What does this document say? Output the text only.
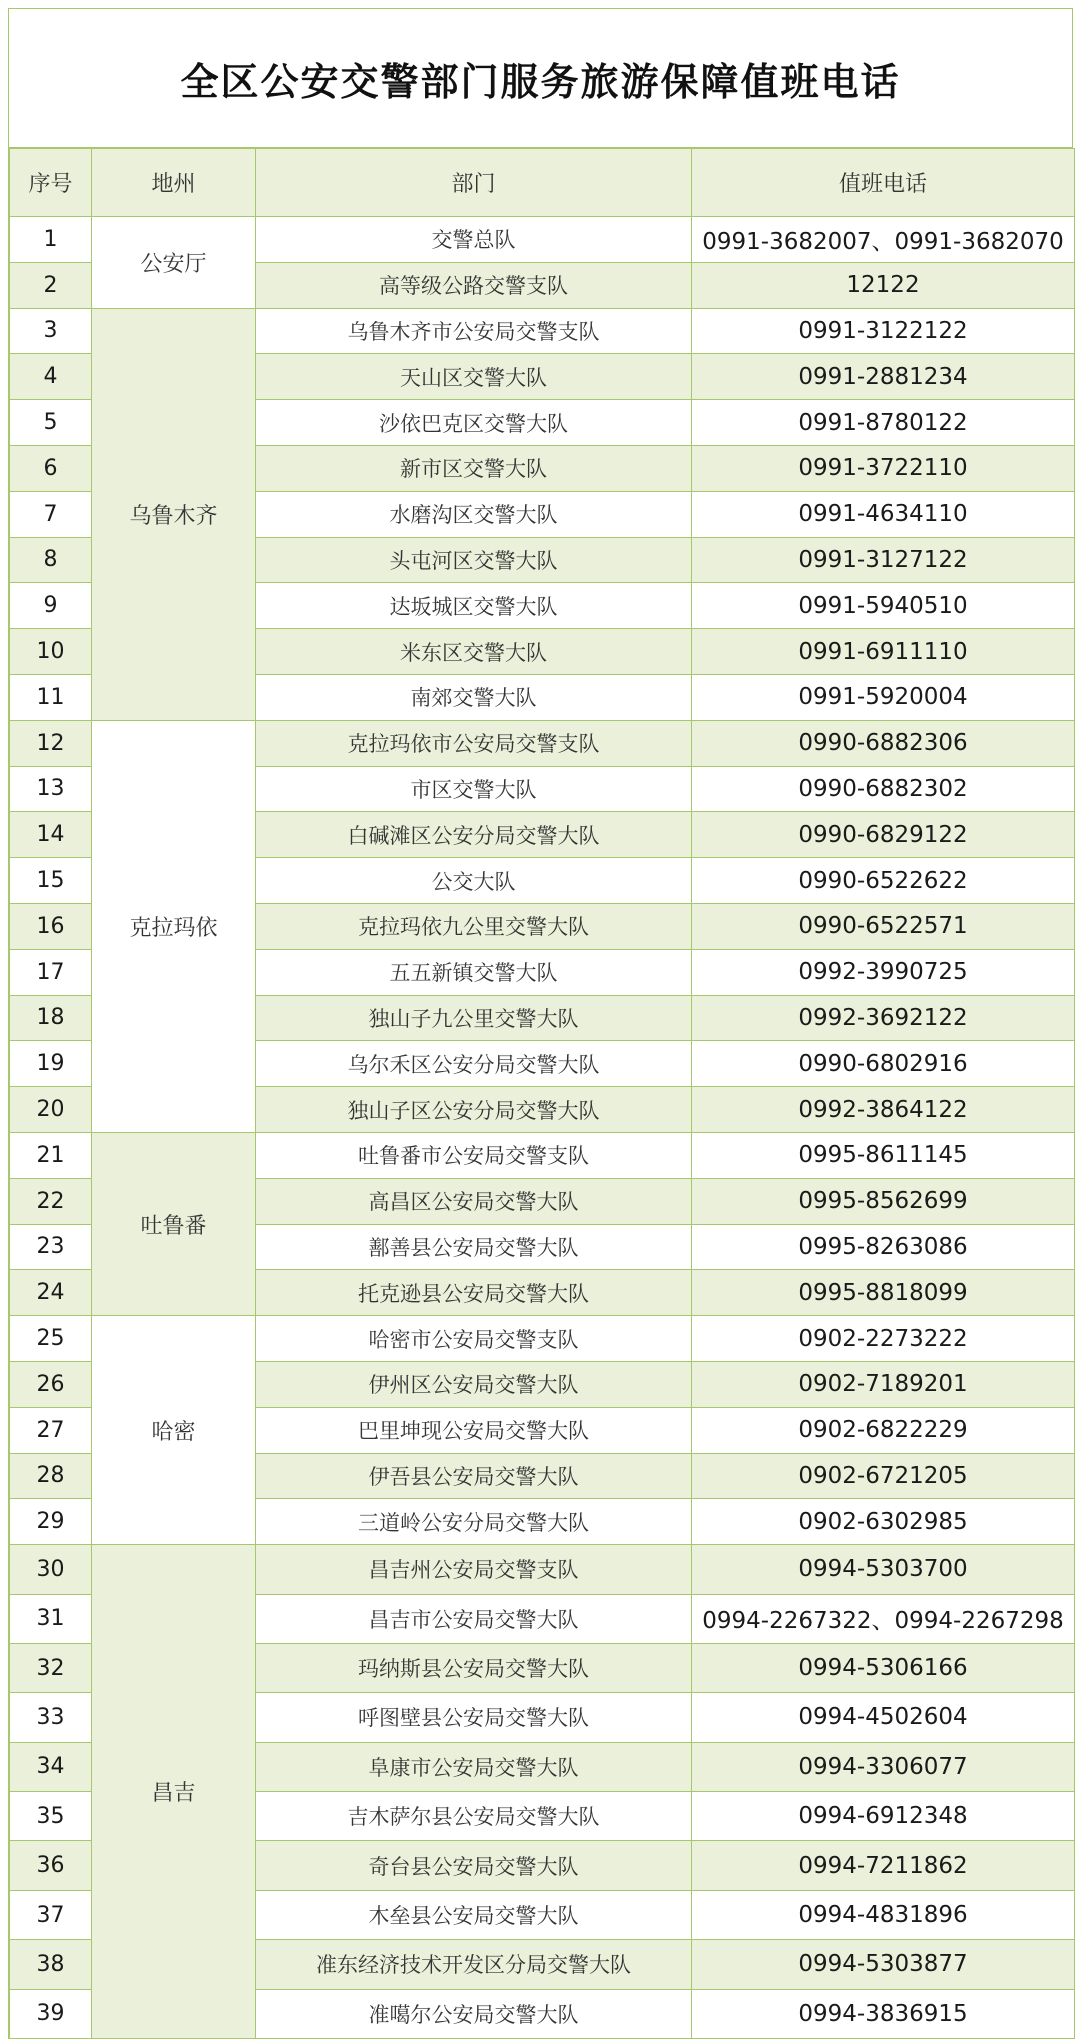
全区公安交警部门服务旅游保障值班电话
序号	地州	部门	值班电话
1	公安厅	交警总队	0991-3682007、0991-3682070
2		高等级公路交警支队	12122
3	乌鲁木齐	乌鲁木齐市公安局交警支队	0991-3122122
4		天山区交警大队	0991-2881234
5		沙依巴克区交警大队	0991-8780122
6		新市区交警大队	0991-3722110
7		水磨沟区交警大队	0991-4634110
8		头屯河区交警大队	0991-3127122
9		达坂城区交警大队	0991-5940510
10		米东区交警大队	0991-6911110
11		南郊交警大队	0991-5920004
12	克拉玛依	克拉玛依市公安局交警支队	0990-6882306
13		市区交警大队	0990-6882302
14		白碱滩区公安分局交警大队	0990-6829122
15		公交大队	0990-6522622
16		克拉玛依九公里交警大队	0990-6522571
17		五五新镇交警大队	0992-3990725
18		独山子九公里交警大队	0992-3692122
19		乌尔禾区公安分局交警大队	0990-6802916
20		独山子区公安分局交警大队	0992-3864122
21	吐鲁番	吐鲁番市公安局交警支队	0995-8611145
22		高昌区公安局交警大队	0995-8562699
23		鄯善县公安局交警大队	0995-8263086
24		托克逊县公安局交警大队	0995-8818099
25	哈密	哈密市公安局交警支队	0902-2273222
26		伊州区公安局交警大队	0902-7189201
27		巴里坤现公安局交警大队	0902-6822229
28		伊吾县公安局交警大队	0902-6721205
29		三道岭公安分局交警大队	0902-6302985
30	昌吉	昌吉州公安局交警支队	0994-5303700
31		昌吉市公安局交警大队	0994-2267322、0994-2267298
32		玛纳斯县公安局交警大队	0994-5306166
33		呼图壁县公安局交警大队	0994-4502604
34		阜康市公安局交警大队	0994-3306077
35		吉木萨尔县公安局交警大队	0994-6912348
36		奇台县公安局交警大队	0994-7211862
37		木垒县公安局交警大队	0994-4831896
38		准东经济技术开发区分局交警大队	0994-5303877
39		准噶尔公安局交警大队	0994-3836915
